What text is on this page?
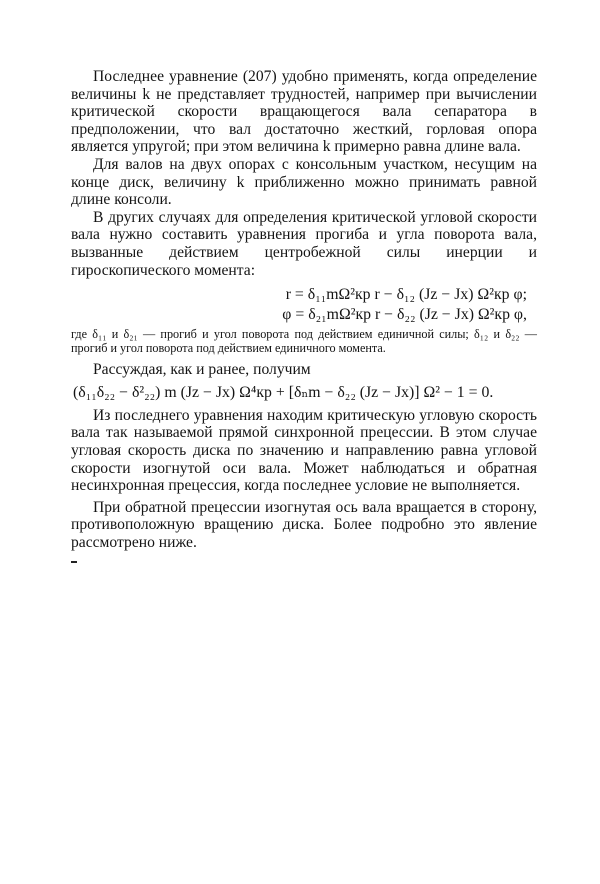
Последнее уравнение (207) удобно применять, когда определение величины k не представляет трудностей, например при вычислении критической скорости вращающегося вала сепаратора в предположении, что вал достаточно жесткий, горловая опора является упругой; при этом величина k примерно равна длине вала.

Для валов на двух опорах с консольным участком, несущим на конце диск, величину k приближенно можно принимать равной длине консоли.

В других случаях для определения критической угловой скорости вала нужно составить уравнения прогиба и угла поворота вала, вызванные действием центробежной силы инерции и гироскопического момента:

r = δ₁₁mΩ²кр r − δ₁₂ (Jz − Jx) Ω²кр φ;
φ = δ₂₁mΩ²кр r − δ₂₂ (Jz − Jx) Ω²кр φ,
где δ₁₁ и δ₂₁ — прогиб и угол поворота под действием единичной силы; δ₁₂ и δ₂₂ — прогиб и угол поворота под действием единичного момента.

Рассуждая, как и ранее, получим

(δ₁₁δ₂₂ − δ²₂₂) m (Jz − Jx) Ω⁴кр + [δₙm − δ₂₂ (Jz − Jx)] Ω² − 1 = 0.

Из последнего уравнения находим критическую угловую скорость вала так называемой прямой синхронной прецессии. В этом случае угловая скорость диска по значению и направлению равна угловой скорости изогнутой оси вала. Может наблюдаться и обратная несинхронная прецессия, когда последнее условие не выполняется.

При обратной прецессии изогнутая ось вала вращается в сторону, противоположную вращению диска. Более подробно это явление рассмотрено ниже.
